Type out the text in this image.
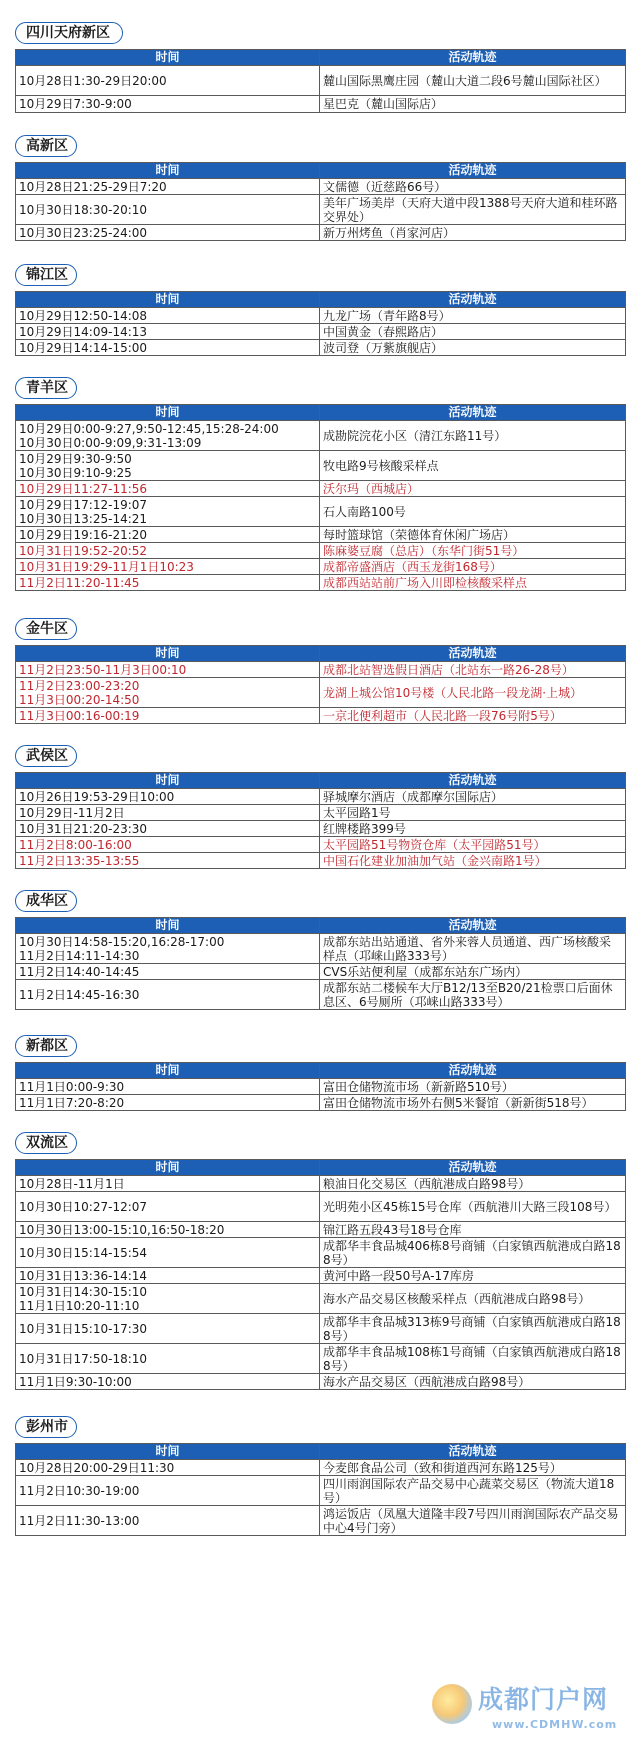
四川天府新区
时间	活动轨迹
10月28日1:30-29日20:00	麓山国际黑鹰庄园（麓山大道二段6号麓山国际社区）
10月29日7:30-9:00	星巴克（麓山国际店）
高新区
时间	活动轨迹
10月28日21:25-29日7:20	文儒德（近慈路66号）
10月30日18:30-20:10	美年广场美岸（天府大道中段1388号天府大道和桂环路交界处）
10月30日23:25-24:00	新万州烤鱼（肖家河店）
锦江区
时间	活动轨迹
10月29日12:50-14:08	九龙广场（青年路8号）
10月29日14:09-14:13	中国黄金（春熙路店）
10月29日14:14-15:00	波司登（万紫旗舰店）
青羊区
时间	活动轨迹
10月29日0:00-9:27,9:50-12:45,15:28-24:00
10月30日0:00-9:09,9:31-13:09	成勘院浣花小区（清江东路11号）
10月29日9:30-9:50
10月30日9:10-9:25	牧电路9号核酸采样点
10月29日11:27-11:56	沃尔玛（西城店）
10月29日17:12-19:07
10月30日13:25-14:21	石人南路100号
10月29日19:16-21:20	每时篮球馆（荣德体育休闲广场店）
10月31日19:52-20:52	陈麻婆豆腐（总店）（东华门街51号）
10月31日19:29-11月1日10:23	成都帝盛酒店（西玉龙街168号）
11月2日11:20-11:45	成都西站站前广场入川即检核酸采样点
金牛区
时间	活动轨迹
11月2日23:50-11月3日00:10	成都北站智选假日酒店（北站东一路26-28号）
11月2日23:00-23:20
11月3日00:20-14:50	龙湖上城公馆10号楼（人民北路一段龙湖·上城）
11月3日00:16-00:19	一京北便利超市（人民北路一段76号附5号）
武侯区
时间	活动轨迹
10月26日19:53-29日10:00	驿城摩尔酒店（成都摩尔国际店）
10月29日-11月2日	太平园路1号
10月31日21:20-23:30	红牌楼路399号
11月2日8:00-16:00	太平园路51号物资仓库（太平园路51号）
11月2日13:35-13:55	中国石化建业加油加气站（金兴南路1号）
成华区
时间	活动轨迹
10月30日14:58-15:20,16:28-17:00
11月2日14:11-14:30	成都东站出站通道、省外来蓉人员通道、西广场核酸采样点（邛崃山路333号）
11月2日14:40-14:45	CVS乐站便利屋（成都东站东广场内）
11月2日14:45-16:30	成都东站二楼候车大厅B12/13至B20/21检票口后面休息区、6号厕所（邛崃山路333号）
新都区
时间	活动轨迹
11月1日0:00-9:30	富田仓储物流市场（新新路510号）
11月1日7:20-8:20	富田仓储物流市场外右侧5米餐馆（新新街518号）
双流区
时间	活动轨迹
10月28日-11月1日	粮油日化交易区（西航港成白路98号）
10月30日10:27-12:07	光明苑小区45栋15号仓库（西航港川大路三段108号）
10月30日13:00-15:10,16:50-18:20	锦江路五段43号18号仓库
10月30日15:14-15:54	成都华丰食品城406栋8号商铺（白家镇西航港成白路188号）
10月31日13:36-14:14	黄河中路一段50号A-17库房
10月31日14:30-15:10
11月1日10:20-11:10	海水产品交易区核酸采样点（西航港成白路98号）
10月31日15:10-17:30	成都华丰食品城313栋9号商铺（白家镇西航港成白路188号）
10月31日17:50-18:10	成都华丰食品城108栋1号商铺（白家镇西航港成白路188号）
11月1日9:30-10:00	海水产品交易区（西航港成白路98号）
彭州市
时间	活动轨迹
10月28日20:00-29日11:30	今麦郎食品公司（致和街道西河东路125号）
11月2日10:30-19:00	四川雨润国际农产品交易中心蔬菜交易区（物流大道18号）
11月2日11:30-13:00	鸿运饭店（凤凰大道隆丰段7号四川雨润国际农产品交易中心4号门旁）
成都门户网
www.CDMHW.com
